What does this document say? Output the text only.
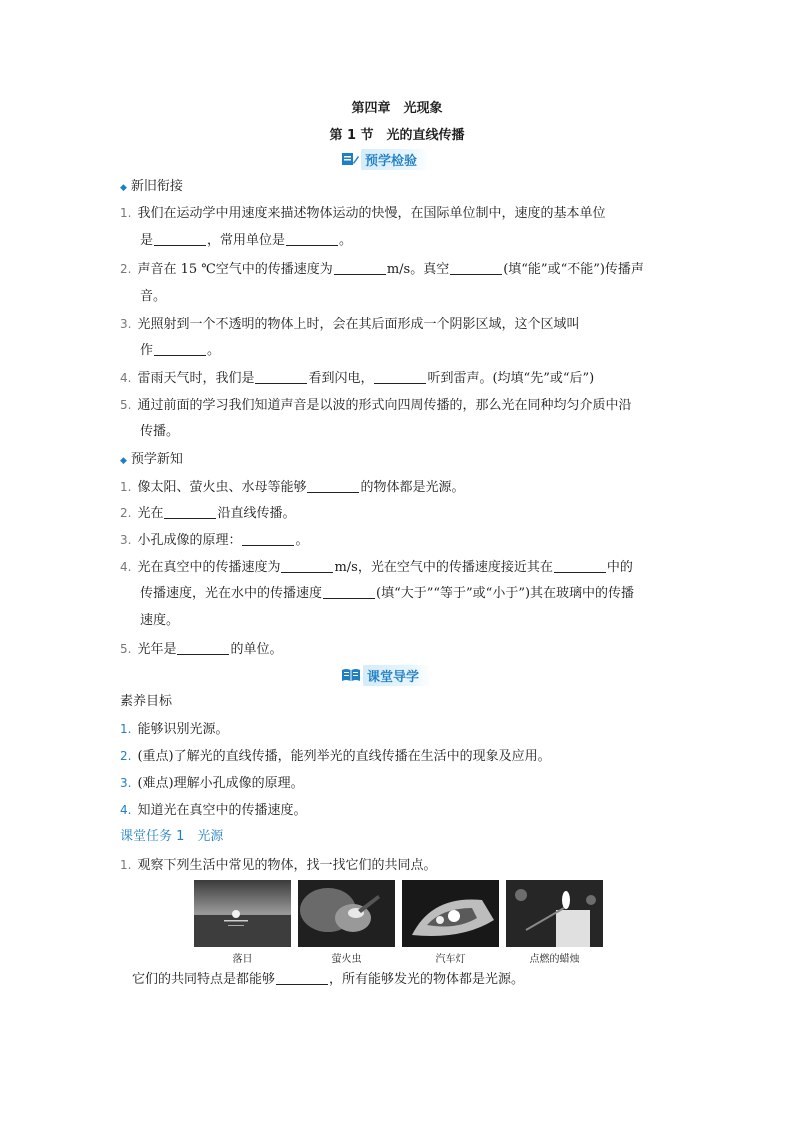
第四章　光现象
第 1 节　光的直线传播
预学检验
◆ 新旧衔接
1. 我们在运动学中用速度来描述物体运动的快慢，在国际单位制中，速度的基本单位
是	，常用单位是	。
2. 声音在 15 ℃空气中的传播速度为	m/s。真空	(填“能”或“不能”)传播声
音。
3. 光照射到一个不透明的物体上时，会在其后面形成一个阴影区域，这个区域叫
作	。
4. 雷雨天气时，我们是	看到闪电，	听到雷声。(均填“先”或“后”)
5. 通过前面的学习我们知道声音是以波的形式向四周传播的，那么光在同种均匀介质中沿
传播。
◆ 预学新知
1. 像太阳、萤火虫、水母等能够	的物体都是光源。
2. 光在	沿直线传播。
3. 小孔成像的原理：	。
4. 光在真空中的传播速度为	m/s，光在空气中的传播速度接近其在	中的
传播速度，光在水中的传播速度	(填“大于”“等于”或“小于”)其在玻璃中的传播
速度。
5. 光年是	的单位。
课堂导学
素养目标
1. 能够识别光源。
2. (重点)了解光的直线传播，能列举光的直线传播在生活中的现象及应用。
3. (难点)理解小孔成像的原理。
4. 知道光在真空中的传播速度。
课堂任务 1　光源
1. 观察下列生活中常见的物体，找一找它们的共同点。
落日	萤火虫	汽车灯	点燃的蜡烛
它们的共同特点是都能够	，所有能够发光的物体都是光源。
